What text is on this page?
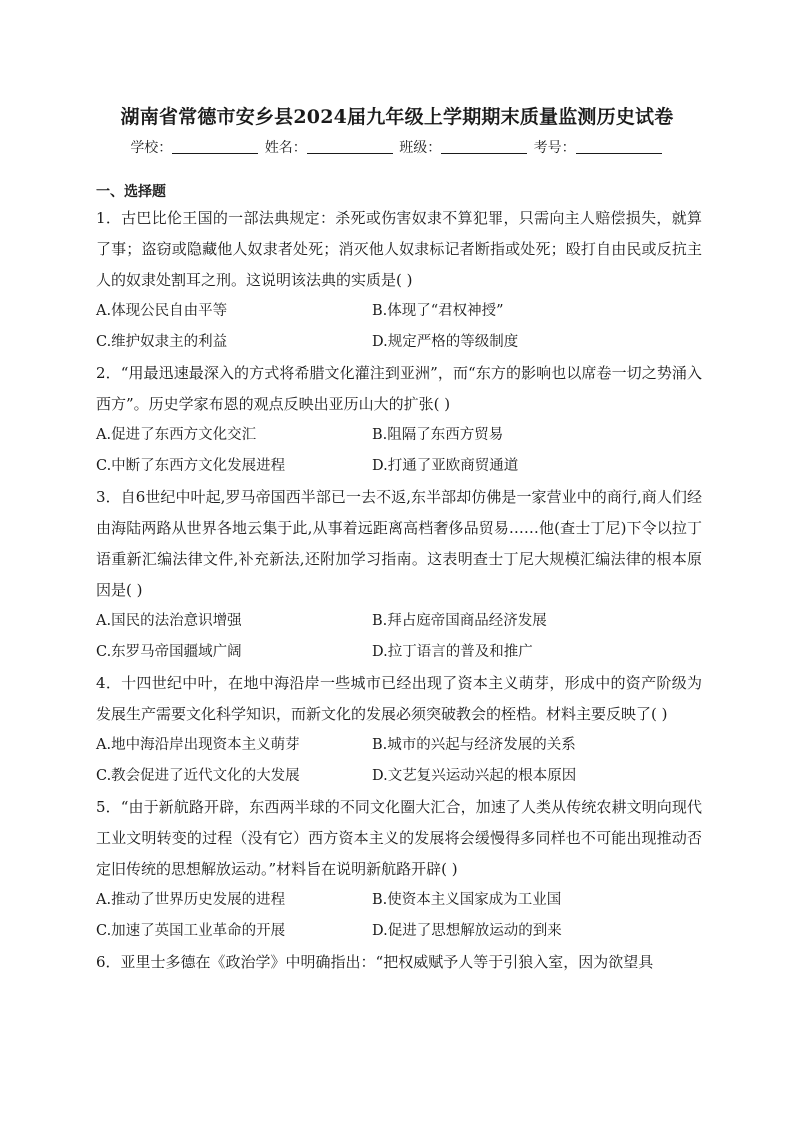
湖南省常德市安乡县2024届九年级上学期期末质量监测历史试卷
学校：	姓名：	班级：	考号：
一、选择题

1．古巴比伦王国的一部法典规定：杀死或伤害奴隶不算犯罪，只需向主人赔偿损失，就算了事；盗窃或隐藏他人奴隶者处死；消灭他人奴隶标记者断指或处死；殴打自由民或反抗主人的奴隶处割耳之刑。这说明该法典的实质是( )

A.体现公民自由平等	B.体现了“君权神授”
C.维护奴隶主的利益	D.规定严格的等级制度

2．“用最迅速最深入的方式将希腊文化灌注到亚洲”，而“东方的影响也以席卷一切之势涌入西方”。历史学家布恩的观点反映出亚历山大的扩张( )

A.促进了东西方文化交汇	B.阻隔了东西方贸易
C.中断了东西方文化发展进程	D.打通了亚欧商贸通道

3．自6世纪中叶起,罗马帝国西半部已一去不返,东半部却仿佛是一家营业中的商行,商人们经由海陆两路从世界各地云集于此,从事着远距离高档奢侈品贸易……他(查士丁尼)下令以拉丁语重新汇编法律文件,补充新法,还附加学习指南。这表明查士丁尼大规模汇编法律的根本原因是( )

A.国民的法治意识增强	B.拜占庭帝国商品经济发展
C.东罗马帝国疆域广阔	D.拉丁语言的普及和推广

4．十四世纪中叶，在地中海沿岸一些城市已经出现了资本主义萌芽，形成中的资产阶级为发展生产需要文化科学知识，而新文化的发展必须突破教会的桎梏。材料主要反映了( )

A.地中海沿岸出现资本主义萌芽	B.城市的兴起与经济发展的关系
C.教会促进了近代文化的大发展	D.文艺复兴运动兴起的根本原因

5．“由于新航路开辟，东西两半球的不同文化圈大汇合，加速了人类从传统农耕文明向现代工业文明转变的过程（没有它）西方资本主义的发展将会缓慢得多同样也不可能出现推动否定旧传统的思想解放运动。”材料旨在说明新航路开辟( )

A.推动了世界历史发展的进程	B.使资本主义国家成为工业国
C.加速了英国工业革命的开展	D.促进了思想解放运动的到来

6．亚里士多德在《政治学》中明确指出：“把权威赋予人等于引狼入室，因为欲望具
